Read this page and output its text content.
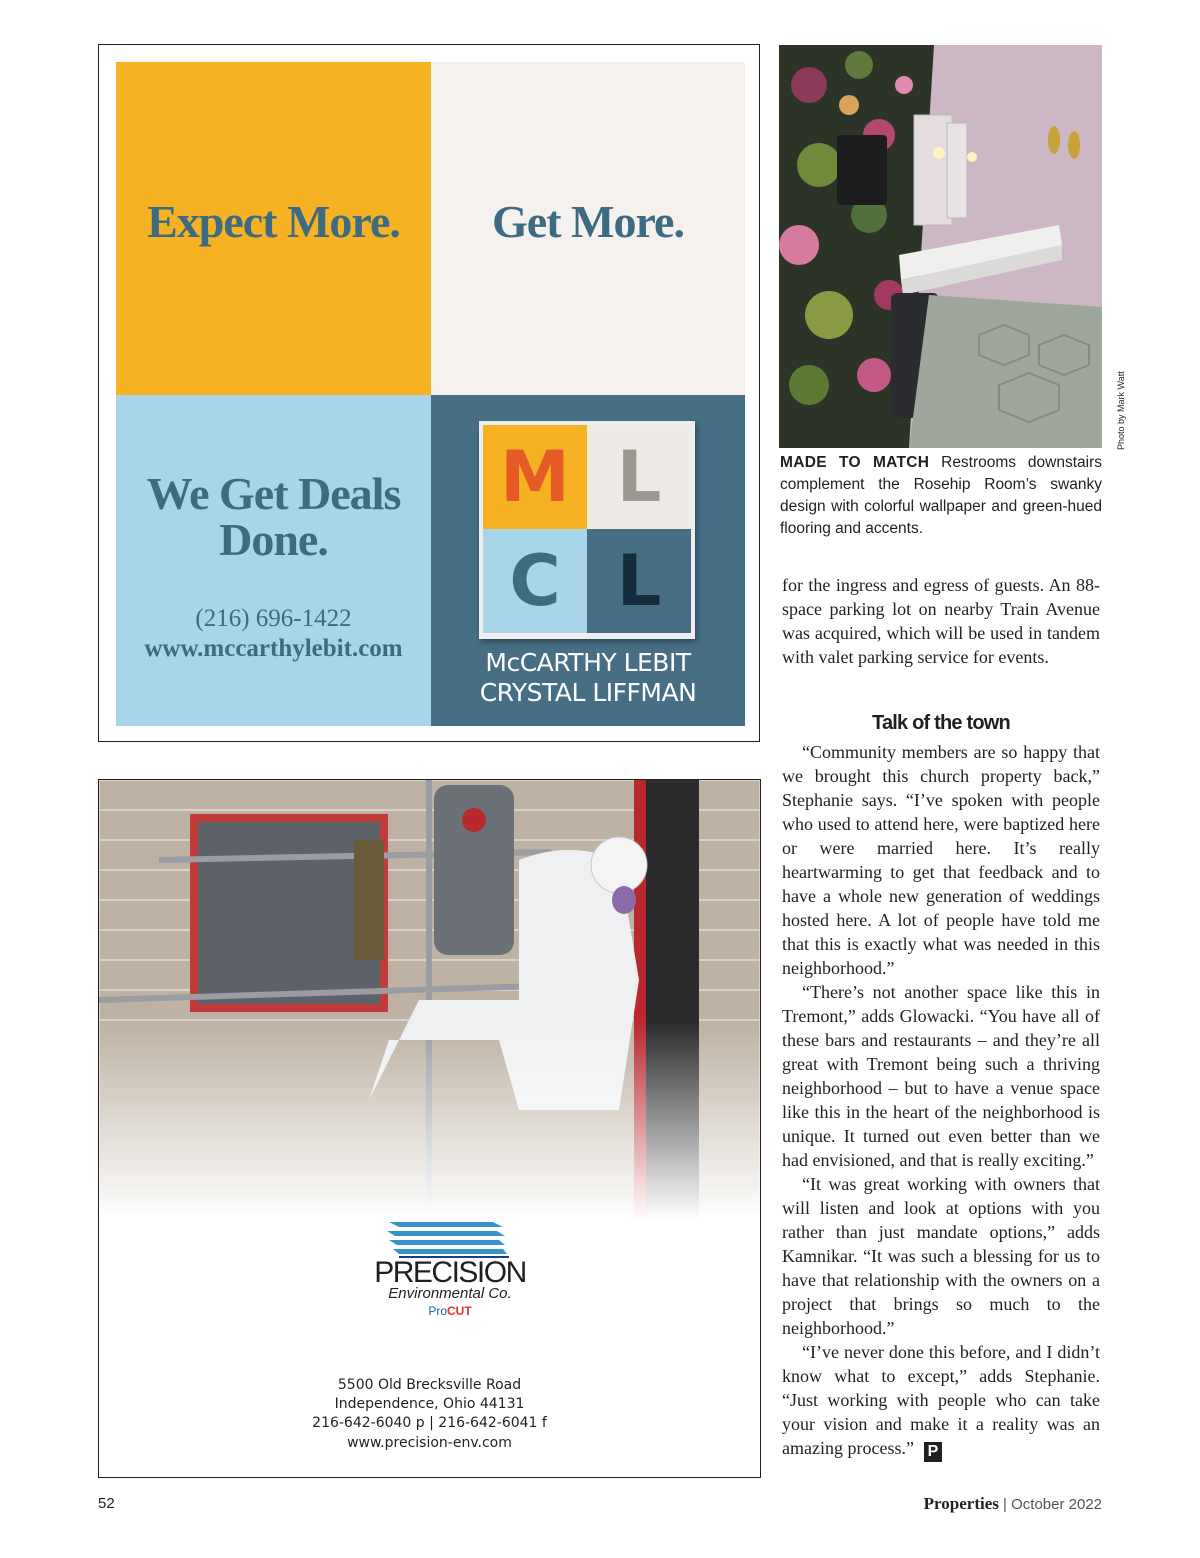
Expect More.	Get More.
We Get Deals
Done.
(216) 696-1422
www.mccarthylebit.com
M L
C L
McCARTHY LEBIT
CRYSTAL LIFFMAN
Photo by Mark Watt
MADE TO MATCH Restrooms downstairs complement the Rosehip Room’s swanky design with colorful wallpaper and green-hued flooring and accents.

for the ingress and egress of guests. An 88-space parking lot on nearby Train Avenue was acquired, which will be used in tandem with valet parking service for events.

Talk of the town

“Community members are so happy that we brought this church property back,” Stephanie says. “I’ve spoken with people who used to attend here, were baptized here or were married here. It’s really heartwarming to get that feedback and to have a whole new generation of weddings hosted here. A lot of people have told me that this is exactly what was needed in this neighborhood.”

“There’s not another space like this in Tremont,” adds Glowacki. “You have all of these bars and restaurants – and they’re all great with Tremont being such a thriving neighborhood – but to have a venue space like this in the heart of the neighborhood is unique. It turned out even better than we had envisioned, and that is really exciting.”

“It was great working with owners that will listen and look at options with you rather than just mandate options,” adds Kamnikar. “It was such a blessing for us to have that relationship with the owners on a project that brings so much to the neighborhood.”

“I’ve never done this before, and I didn’t know what to except,” adds Stephanie. “Just working with people who can take your vision and make it a reality was an amazing process.” P

PRECISION
Environmental Co.
ProCUT
5500 Old Brecksville Road
Independence, Ohio 44131
216-642-6040 p | 216-642-6041 f
www.precision-env.com
52	Properties | October 2022
